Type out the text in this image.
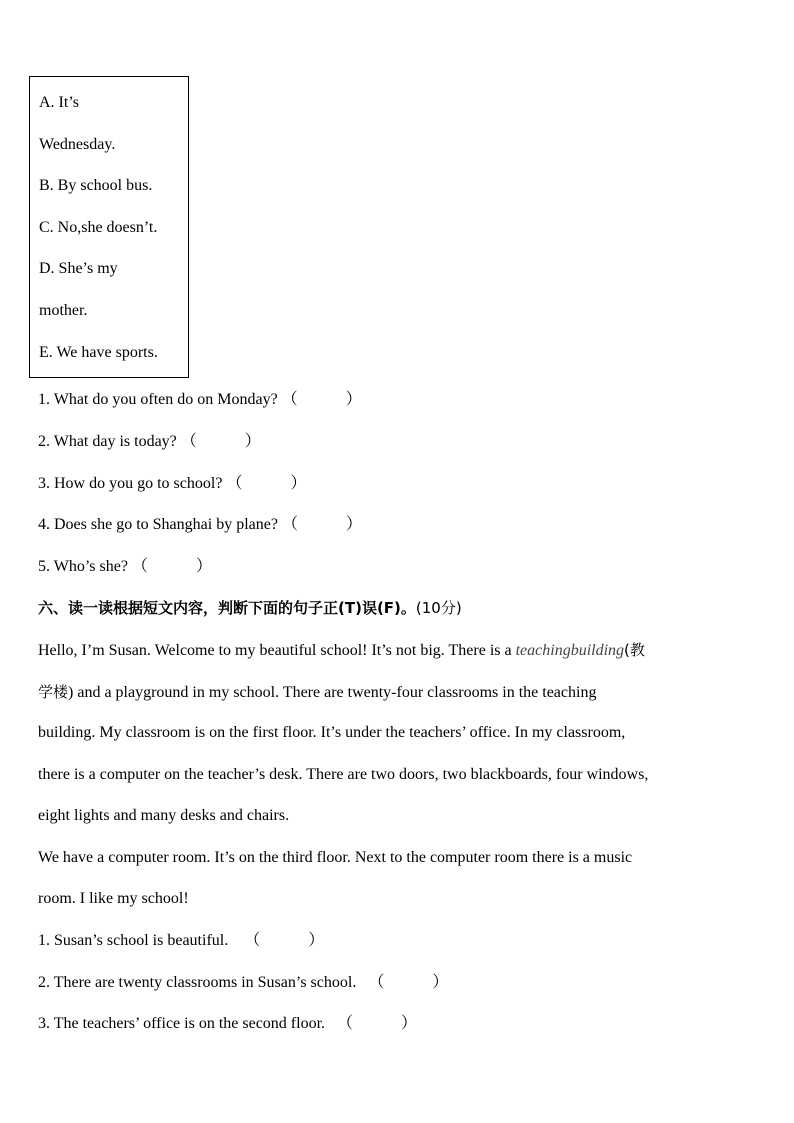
A. It’s
Wednesday.
B. By school bus.
C. No,she doesn’t.
D. She’s my
mother.
E. We have sports.
1. What do you often do on Monday? （	）
2. What day is today? （	）
3. How do you go to school? （	）
4. Does she go to Shanghai by plane? （	）
5. Who’s she? （	）
六、读一读根据短文内容，判断下面的句子正(T)误(F)。(10分)
Hello, I’m Susan. Welcome to my beautiful school! It’s not big. There is a teachingbuilding(教
学楼) and a playground in my school. There are twenty-four classrooms in the teaching
building. My classroom is on the first floor. It’s under the teachers’ office. In my classroom,
there is a computer on the teacher’s desk. There are two doors, two blackboards, four windows,
eight lights and many desks and chairs.
We have a computer room. It’s on the third floor. Next to the computer room there is a music
room. I like my school!
1. Susan’s school is beautiful. （	）
2. There are twenty classrooms in Susan’s school. （	）
3. The teachers’ office is on the second floor. （	）
